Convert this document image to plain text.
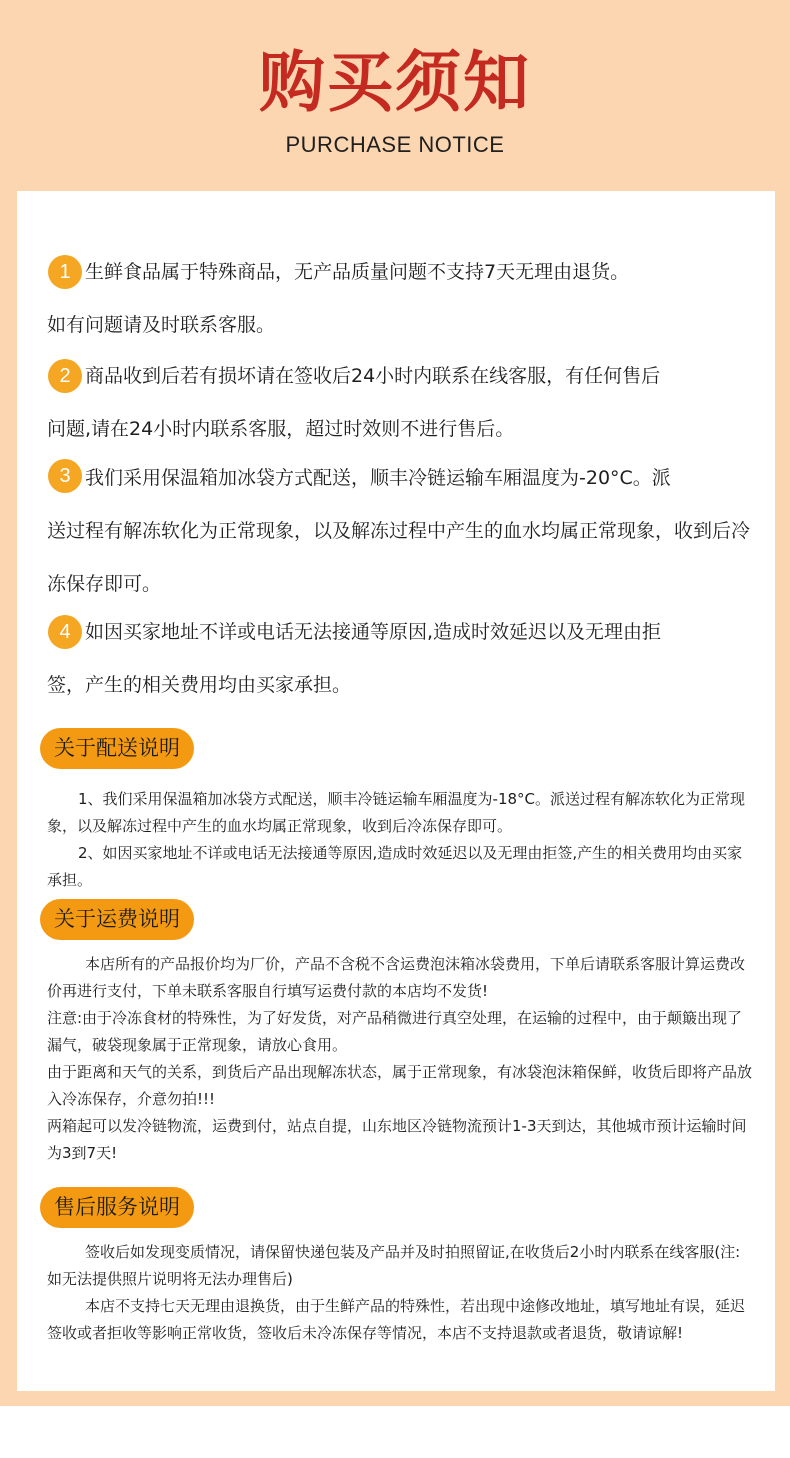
购买须知
PURCHASE NOTICE
1 生鲜食品属于特殊商品，无产品质量问题不支持7天无理由退货。
如有问题请及时联系客服。

2 商品收到后若有损坏请在签收后24小时内联系在线客服，有任何售后
问题,请在24小时内联系客服，超过时效则不进行售后。

3 我们采用保温箱加冰袋方式配送，顺丰冷链运输车厢温度为-20°C。派
送过程有解冻软化为正常现象，以及解冻过程中产生的血水均属正常现象，收到后冷冻保存即可。

4 如因买家地址不详或电话无法接通等原因,造成时效延迟以及无理由拒
签，产生的相关费用均由买家承担。

关于配送说明

1、我们采用保温箱加冰袋方式配送，顺丰冷链运输车厢温度为-18°C。派送过程有解冻软化为正常现象，以及解冻过程中产生的血水均属正常现象，收到后冷冻保存即可。
2、如因买家地址不详或电话无法接通等原因,造成时效延迟以及无理由拒签,产生的相关费用均由买家承担。

关于运费说明

本店所有的产品报价均为厂价，产品不含税不含运费泡沫箱冰袋费用，下单后请联系客服计算运费改价再进行支付，下单未联系客服自行填写运费付款的本店均不发货!
注意:由于冷冻食材的特殊性，为了好发货，对产品稍微进行真空处理，在运输的过程中，由于颠簸出现了漏气，破袋现象属于正常现象，请放心食用。
由于距离和天气的关系，到货后产品出现解冻状态，属于正常现象，有冰袋泡沫箱保鲜，收货后即将产品放入冷冻保存，介意勿拍!!!
两箱起可以发冷链物流，运费到付，站点自提，山东地区冷链物流预计1-3天到达，其他城市预计运输时间为3到7天!

售后服务说明

签收后如发现变质情况，请保留快递包装及产品并及时拍照留证,在收货后2小时内联系在线客服(注:如无法提供照片说明将无法办理售后)
本店不支持七天无理由退换货，由于生鲜产品的特殊性，若出现中途修改地址，填写地址有误，延迟签收或者拒收等影响正常收货，签收后未冷冻保存等情况，本店不支持退款或者退货，敬请谅解!
